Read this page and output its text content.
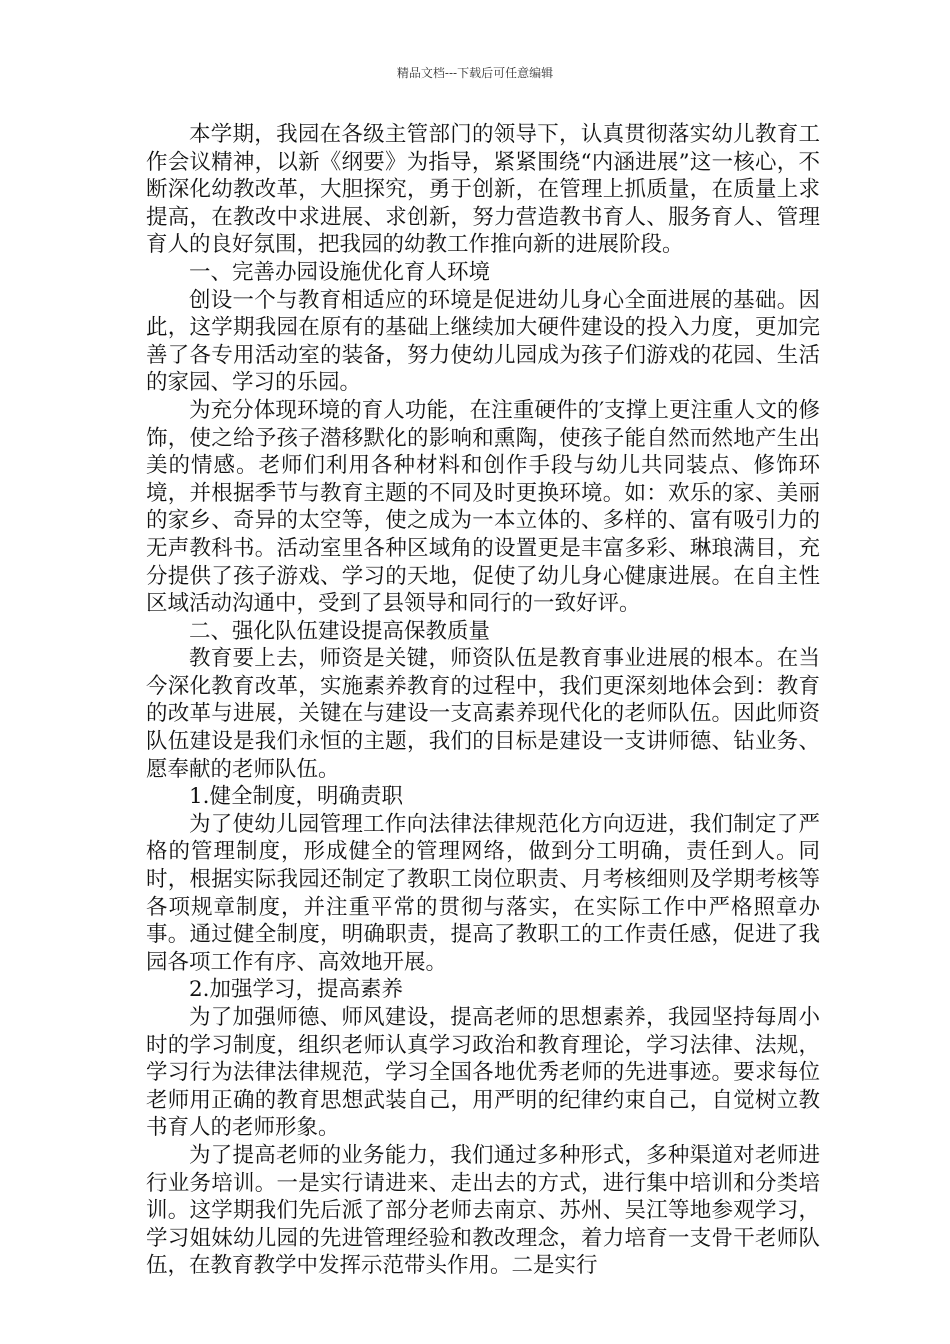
精品文档---下载后可任意编辑

本学期，我园在各级主管部门的领导下，认真贯彻落实幼儿教育工作会议精神，以新《纲要》为指导，紧紧围绕“内涵进展”这一核心，不断深化幼教改革，大胆探究，勇于创新，在管理上抓质量，在质量上求提高，在教改中求进展、求创新，努力营造教书育人、服务育人、管理育人的良好氛围，把我园的幼教工作推向新的进展阶段。

一、完善办园设施优化育人环境

创设一个与教育相适应的环境是促进幼儿身心全面进展的基础。因此，这学期我园在原有的基础上继续加大硬件建设的投入力度，更加完善了各专用活动室的装备，努力使幼儿园成为孩子们游戏的花园、生活的家园、学习的乐园。

为充分体现环境的育人功能，在注重硬件的′支撑上更注重人文的修饰，使之给予孩子潜移默化的影响和熏陶，使孩子能自然而然地产生出美的情感。老师们利用各种材料和创作手段与幼儿共同装点、修饰环境，并根据季节与教育主题的不同及时更换环境。如：欢乐的家、美丽的家乡、奇异的太空等，使之成为一本立体的、多样的、富有吸引力的无声教科书。活动室里各种区域角的设置更是丰富多彩、琳琅满目，充分提供了孩子游戏、学习的天地，促使了幼儿身心健康进展。在自主性区域活动沟通中，受到了县领导和同行的一致好评。

二、强化队伍建设提高保教质量

教育要上去，师资是关键，师资队伍是教育事业进展的根本。在当今深化教育改革，实施素养教育的过程中，我们更深刻地体会到：教育的改革与进展，关键在与建设一支高素养现代化的老师队伍。因此师资队伍建设是我们永恒的主题，我们的目标是建设一支讲师德、钻业务、愿奉献的老师队伍。

1.健全制度，明确责职

为了使幼儿园管理工作向法律法律规范化方向迈进，我们制定了严格的管理制度，形成健全的管理网络，做到分工明确，责任到人。同时，根据实际我园还制定了教职工岗位职责、月考核细则及学期考核等各项规章制度，并注重平常的贯彻与落实，在实际工作中严格照章办事。通过健全制度，明确职责，提高了教职工的工作责任感，促进了我园各项工作有序、高效地开展。

2.加强学习，提高素养

为了加强师德、师风建设，提高老师的思想素养，我园坚持每周小时的学习制度，组织老师认真学习政治和教育理论，学习法律、法规，学习行为法律法律规范，学习全国各地优秀老师的先进事迹。要求每位老师用正确的教育思想武装自己，用严明的纪律约束自己，自觉树立教书育人的老师形象。

为了提高老师的业务能力，我们通过多种形式，多种渠道对老师进行业务培训。一是实行请进来、走出去的方式，进行集中培训和分类培训。这学期我们先后派了部分老师去南京、苏州、吴江等地参观学习，学习姐妹幼儿园的先进管理经验和教改理念，着力培育一支骨干老师队伍，在教育教学中发挥示范带头作用。二是实行
